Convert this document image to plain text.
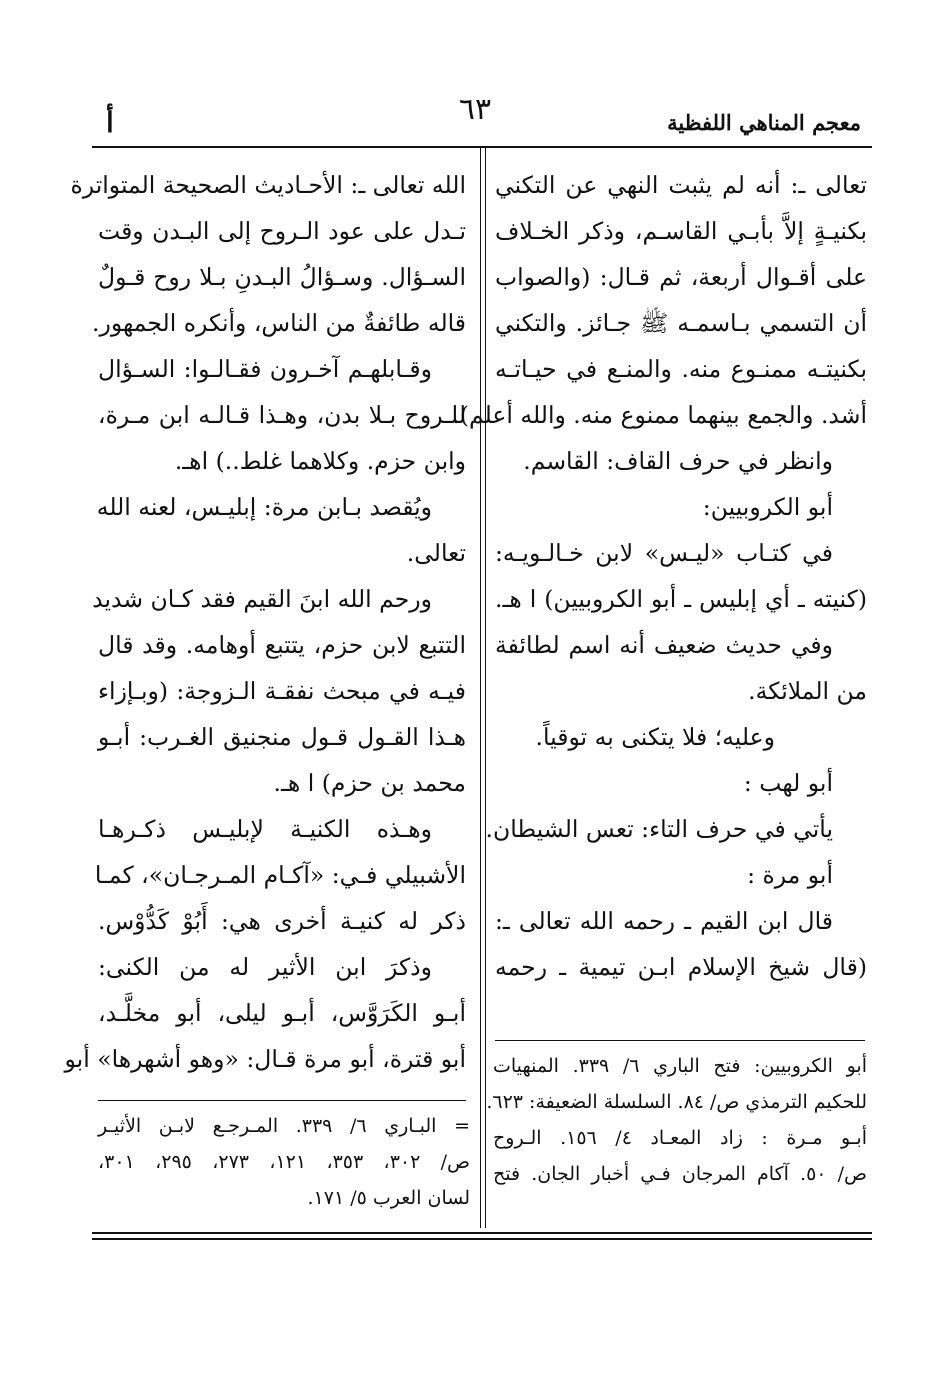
أ	٦٣	معجم المناهي اللفظية
تعالى ـ: أنه لم يثبت النهي عن التكني
بكنيـةٍ إلاَّ بأبـي القاسـم، وذكر الخـلاف
على أقـوال أربعة، ثم قـال: (والصواب
أن التسمي بـاسمـه ﷺ جـائز. والتكني
بكنيتـه ممنـوع منه. والمنـع في حيـاتـه
أشد. والجمع بينهما ممنوع منه. والله أعلم).
وانظر في حرف القاف: القاسم.
أبو الكروبيين:
في كتـاب «ليـس» لابن خـالـويـه:
(كنيته ـ أي إبليس ـ أبو الكروبيين) ا هـ.
وفي حديث ضعيف أنه اسم لطائفة
من الملائكة.
وعليه؛ فلا يتكنى به توقياً.
أبو لهب :
يأتي في حرف التاء: تعس الشيطان.
أبو مرة :
قال ابن القيم ـ رحمه الله تعالى ـ:
(قال شيخ الإسلام ابـن تيمية ـ رحمه
الله تعالى ـ: الأحـاديث الصحيحة المتواترة
تـدل على عود الـروح إلى البـدن وقت
السـؤال. وسـؤالُ البـدنِ بـلا روح قـولٌ
قاله طائفةٌ من الناس، وأنكره الجمهور.
وقـابلهـم آخـرون فقـالـوا: السـؤال
للـروح بـلا بدن، وهـذا قـالـه ابن مـرة،
وابن حزم. وكلاهما غلط..) اهـ.
ويُقصد بـابن مرة: إبليـس، لعنه الله
تعالى.
ورحم الله ابنَ القيم فقد كـان شديد
التتبع لابن حزم، يتتبع أوهامه. وقد قال
فيـه في مبحث نفقـة الـزوجة: (وبـإزاء
هـذا القـول قـول منجنيق الغـرب: أبـو
محمد بن حزم) ا هـ.
وهـذه الكنيـة لإبليـس ذكـرهـا
الأشبيلي فـي: «آكـام المـرجـان»، كمـا
ذكر له كنيـة أخرى هي: أَبُوْ كَدُّوْس.
وذكرَ ابن الأثير له من الكنى:
أبـو الكَرَوَّس، أبـو ليلى، أبو مخلَّـد،
أبو قترة، أبو مرة قـال: «وهو أشهرها» أبو أبو الكروبيين: فتح الباري ٦/ ٣٣٩. المنهيات
للحكيم الترمذي ص/ ٨٤. السلسلة الضعيفة: ٦٢٣.
أبـو مـرة : زاد المعـاد ٤/ ١٥٦. الـروح
ص/ ٥٠. آكام المرجان فـي أخبار الجان. فتح
= البـاري ٦/ ٣٣٩. المـرجـع لابـن الأثيـر
ص/ ٣٠٢، ٣٥٣، ١٢١، ٢٧٣، ٢٩٥، ٣٠١،
لسان العرب ٥/ ١٧١.
